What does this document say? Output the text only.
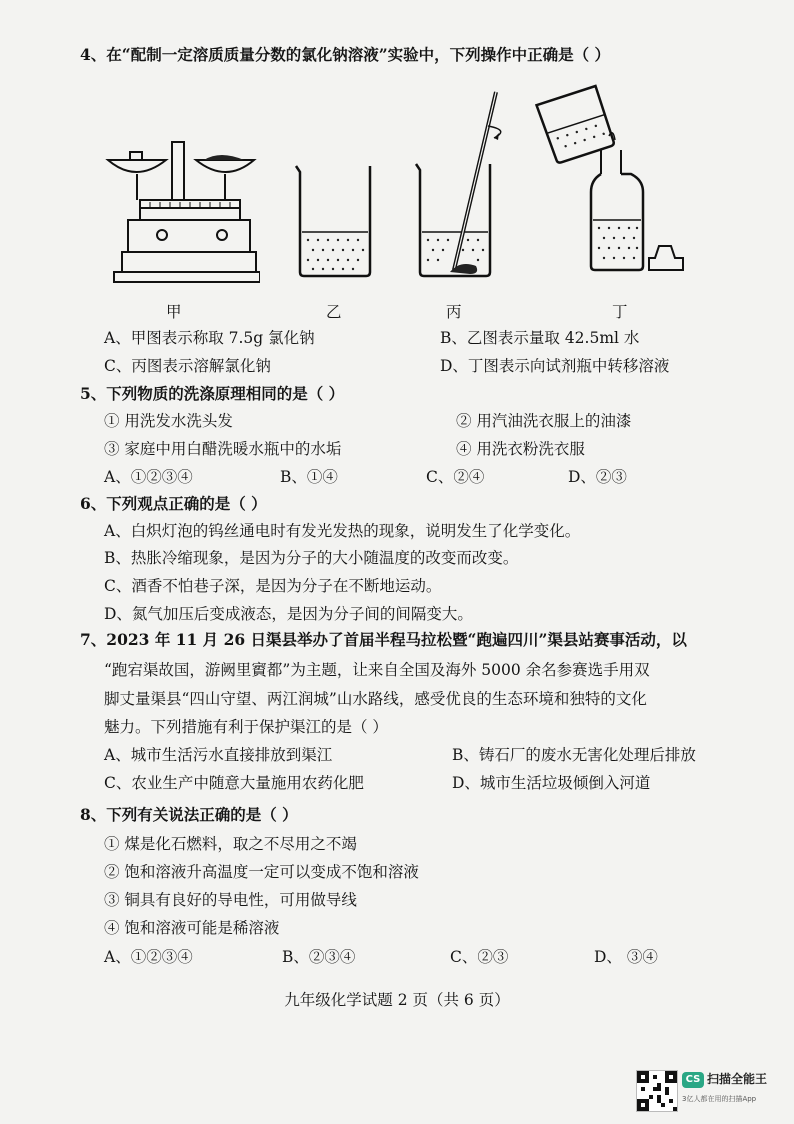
4、在“配制一定溶质质量分数的氯化钠溶液”实验中，下列操作中正确是（ ）
甲	乙	丙	丁
A、甲图表示称取 7.5g 氯化钠	B、乙图表示量取 42.5ml 水
C、丙图表示溶解氯化钠	D、丁图表示向试剂瓶中转移溶液
5、下列物质的洗涤原理相同的是（ ）
① 用洗发水洗头发	② 用汽油洗衣服上的油漆
③ 家庭中用白醋洗暖水瓶中的水垢	④ 用洗衣粉洗衣服
A、①②③④	B、①④	C、②④	D、②③
6、下列观点正确的是（ ）
A、白炽灯泡的钨丝通电时有发光发热的现象，说明发生了化学变化。
B、热胀冷缩现象，是因为分子的大小随温度的改变而改变。
C、酒香不怕巷子深，是因为分子在不断地运动。
D、氮气加压后变成液态，是因为分子间的间隔变大。
7、2023 年 11 月 26 日渠县举办了首届半程马拉松暨“跑遍四川”渠县站赛事活动，以
“跑宕渠故国，游阙里賨都”为主题，让来自全国及海外 5000 余名参赛选手用双
脚丈量渠县“四山守望、两江润城”山水路线，感受优良的生态环境和独特的文化
魅力。下列措施有利于保护渠江的是（ ）
A、城市生活污水直接排放到渠江	B、铸石厂的废水无害化处理后排放
C、农业生产中随意大量施用农药化肥	D、城市生活垃圾倾倒入河道
8、下列有关说法正确的是（ ）
① 煤是化石燃料，取之不尽用之不竭
② 饱和溶液升高温度一定可以变成不饱和溶液
③ 铜具有良好的导电性，可用做导线
④ 饱和溶液可能是稀溶液
A、①②③④	B、②③④	C、②③	D、 ③④
九年级化学试题 2 页（共 6 页）
CS 扫描全能王
3亿人都在用的扫描App
